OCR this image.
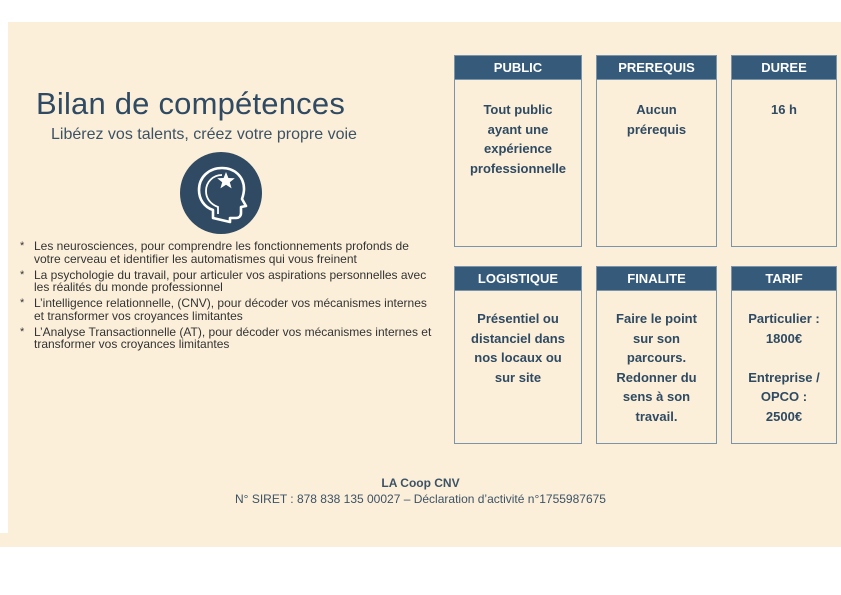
Bilan de compétences
Libérez vos talents, créez votre propre voie
* Les neurosciences, pour comprendre les fonctionnements profonds de votre cerveau et identifier les automatismes qui vous freinent
* La psychologie du travail, pour articuler vos aspirations personnelles avec les réalités du monde professionnel
* L’intelligence relationnelle, (CNV), pour décoder vos mécanismes internes et transformer vos croyances limitantes
* L’Analyse Transactionnelle (AT), pour décoder vos mécanismes internes et transformer vos croyances limitantes
PUBLIC
Tout public
ayant une
expérience
professionnelle
PREREQUIS
Aucun
prérequis
DUREE
16 h
LOGISTIQUE
Présentiel ou
distanciel dans
nos locaux ou
sur site
FINALITE
Faire le point
sur son
parcours.
Redonner du
sens à son
travail.
TARIF
Particulier :
1800€
Entreprise /
OPCO :
2500€
LA Coop CNV
N° SIRET : 878 838 135 00027 – Déclaration d’activité n°1755987675
